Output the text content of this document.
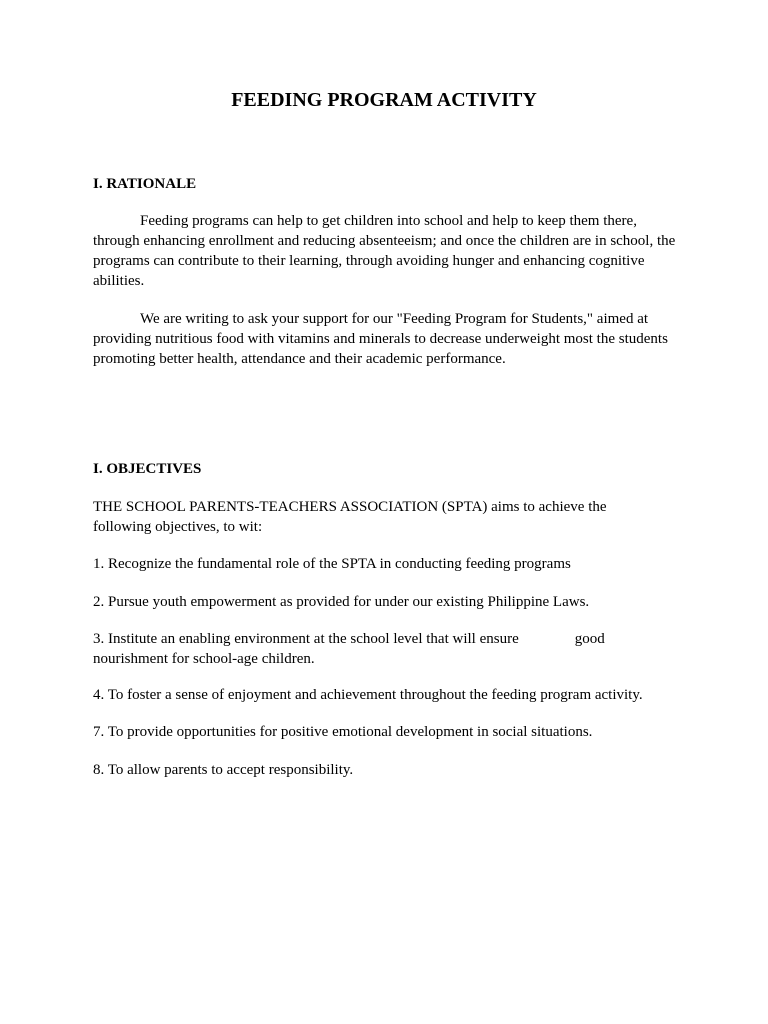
FEEDING PROGRAM ACTIVITY
I. RATIONALE

Feeding programs can help to get children into school and help to keep them there, through enhancing enrollment and reducing absenteeism; and once the children are in school, the programs can contribute to their learning, through avoiding hunger and enhancing cognitive abilities.

We are writing to ask your support for our "Feeding Program for Students," aimed at providing nutritious food with vitamins and minerals to decrease underweight most the students promoting better health, attendance and their academic performance.

I. OBJECTIVES

THE SCHOOL PARENTS-TEACHERS ASSOCIATION (SPTA) aims to achieve the following objectives, to wit:

1. Recognize the fundamental role of the SPTA in conducting feeding programs

2. Pursue youth empowerment as provided for under our existing Philippine Laws.

3. Institute an enabling environment at the school level that will ensure	good nourishment for school-age children.

4. To foster a sense of enjoyment and achievement throughout the feeding program activity.

7. To provide opportunities for positive emotional development in social situations.

8. To allow parents to accept responsibility.
